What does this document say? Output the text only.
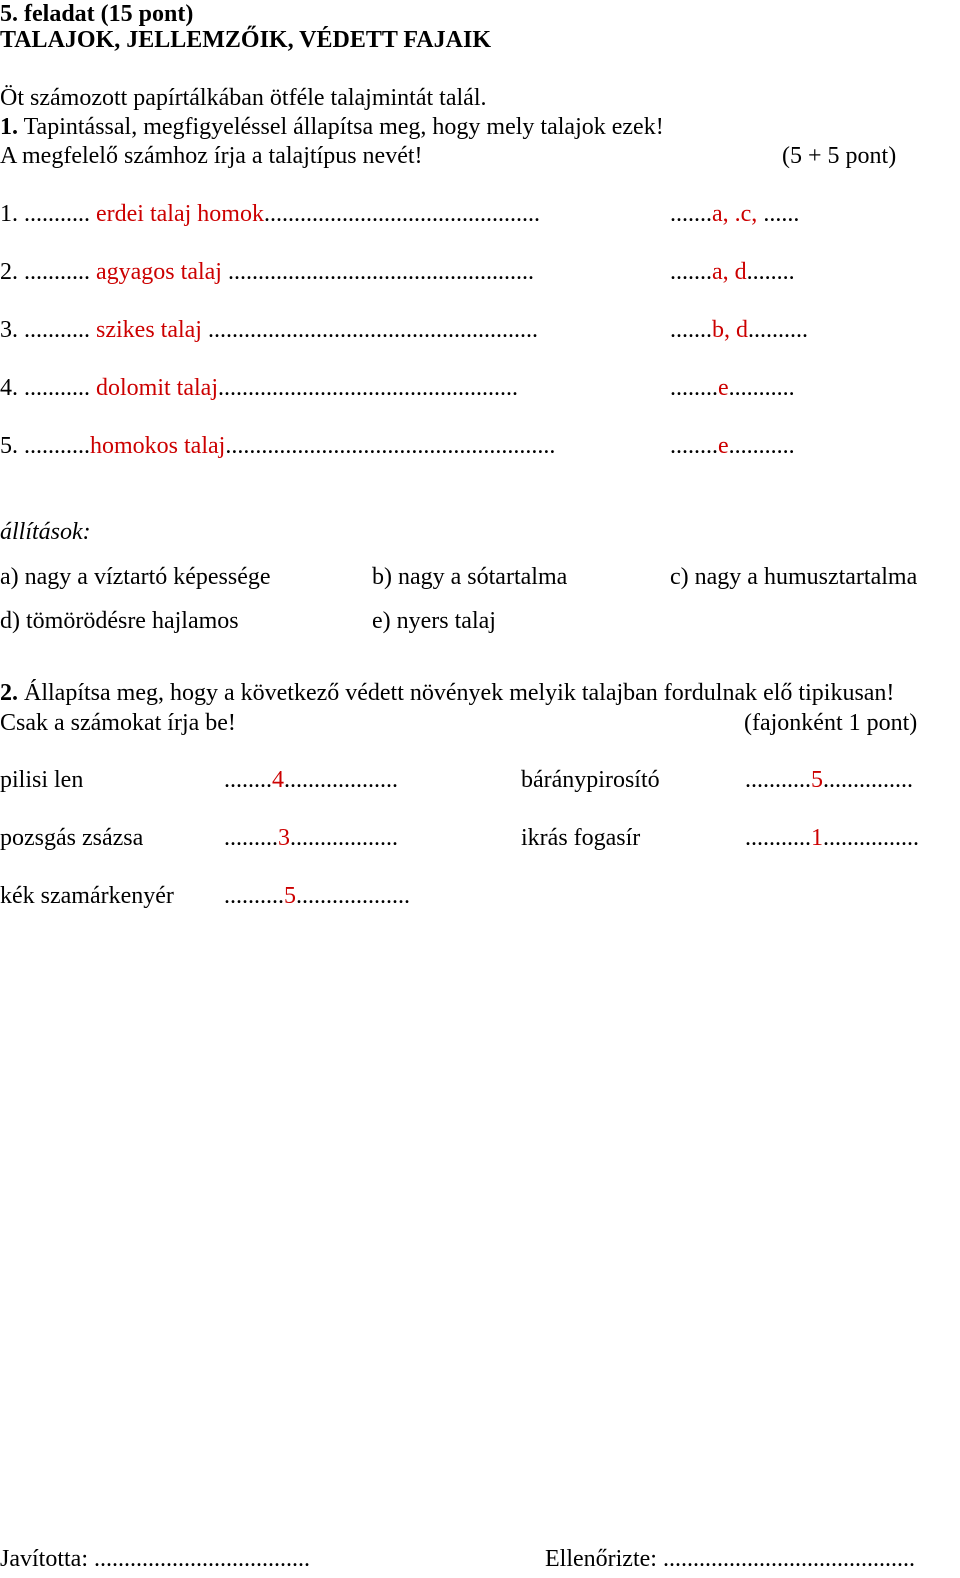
5. feladat (15 pont)
TALAJOK, JELLEMZŐIK, VÉDETT FAJAIK
Öt számozott papírtálkában ötféle talajmintát talál.
1. Tapintással, megfigyeléssel állapítsa meg, hogy mely talajok ezek!
A megfelelő számhoz írja a talajtípus nevét!	(5 + 5 pont)
1. ........... erdei talaj homok..............................................	.......a, .c, ......
2. ........... agyagos talaj ...................................................	.......a, d........
3. ........... szikes talaj .......................................................	.......b, d..........
4. ........... dolomit talaj..................................................	........e...........
5. ...........homokos talaj.......................................................	........e...........
állítások:
a) nagy a víztartó képessége	b) nagy a sótartalma	c) nagy a humusztartalma
d) tömörödésre hajlamos	e) nyers talaj
2. Állapítsa meg, hogy a következő védett növények melyik talajban fordulnak elő tipikusan!
Csak a számokat írja be!	(fajonként 1 pont)
pilisi len	........4...................	báránypirosító	...........5...............
pozsgás zsázsa	.........3..................	ikrás fogasír	...........1................
kék szamárkenyér ..........5...................
Javította: ....................................	Ellenőrizte: ..........................................
